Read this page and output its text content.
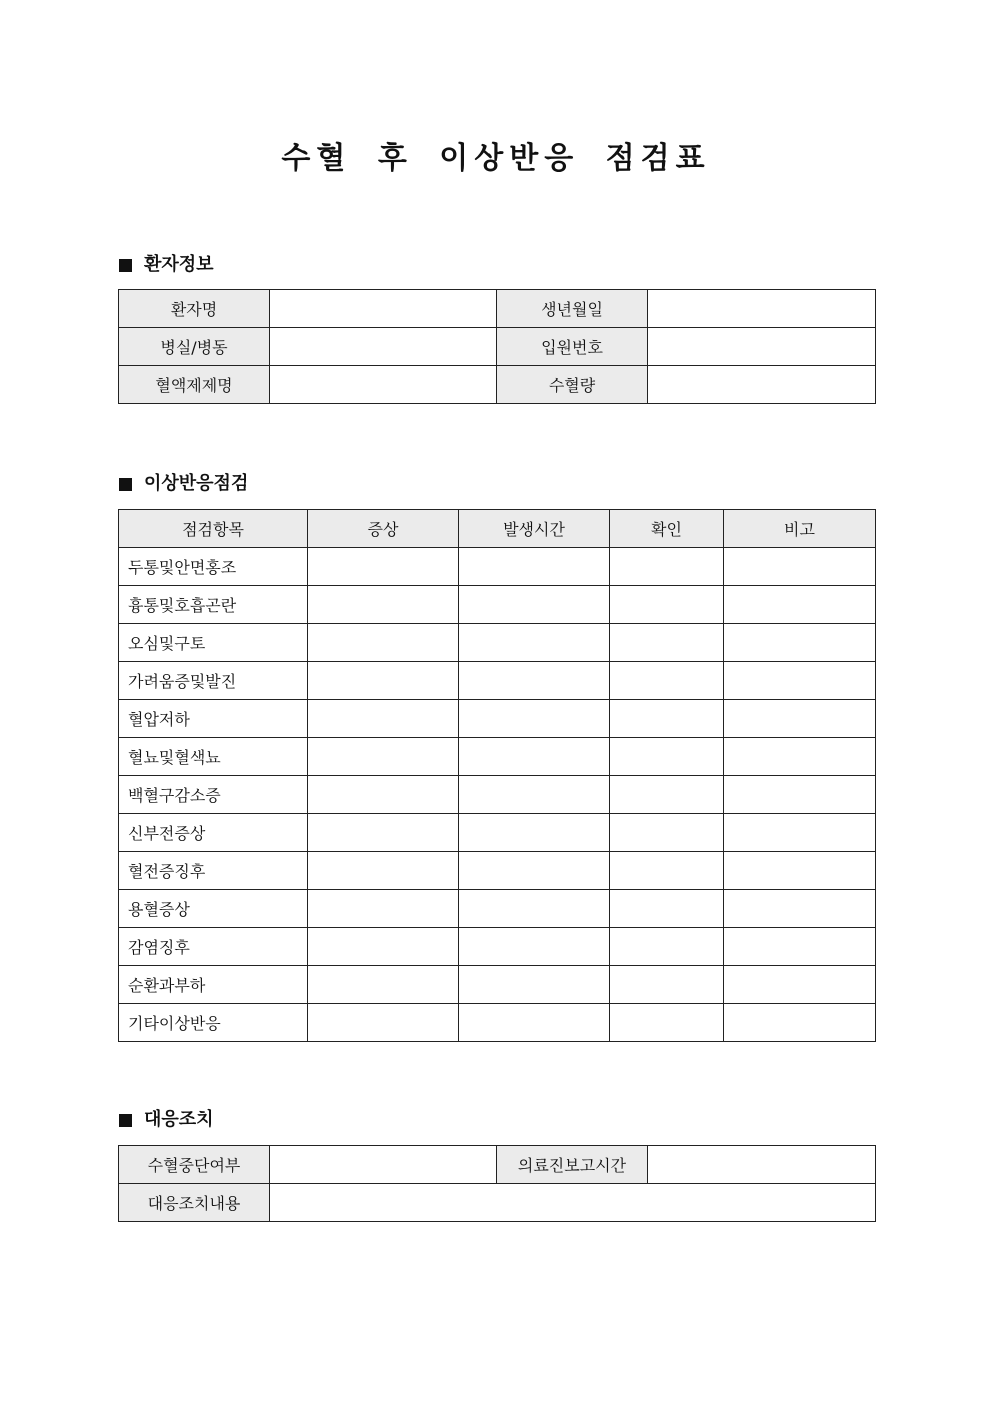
수혈 후 이상반응 점검표
환자정보
환자명		생년월일	
병실/병동		입원번호	
혈액제제명		수혈량	
이상반응점검
점검항목	증상	발생시간	확인	비고
두통및안면홍조				
흉통및호흡곤란				
오심및구토				
가려움증및발진				
혈압저하				
혈뇨및혈색뇨				
백혈구감소증				
신부전증상				
혈전증징후				
용혈증상				
감염징후				
순환과부하				
기타이상반응				
대응조치
수혈중단여부		의료진보고시간	
대응조치내용			
